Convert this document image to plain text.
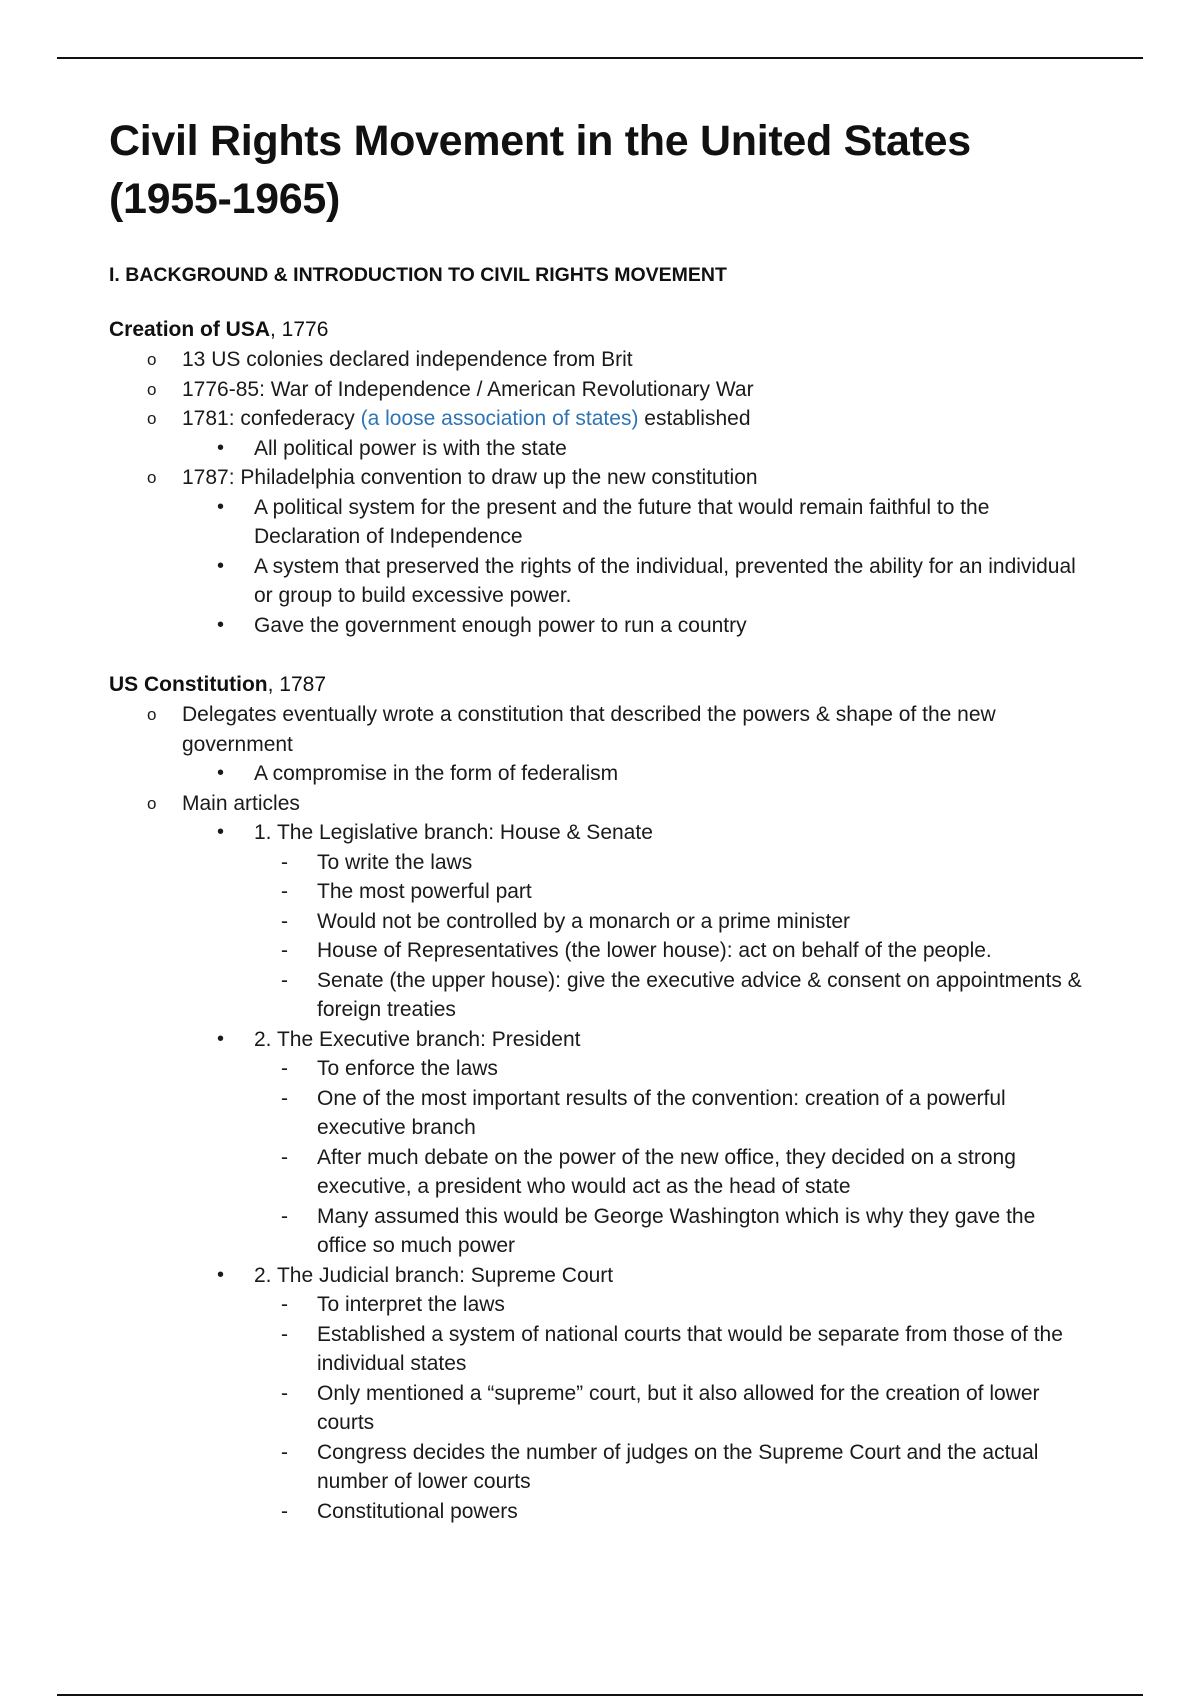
Civil Rights Movement in the United States (1955-1965)
I. BACKGROUND & INTRODUCTION TO CIVIL RIGHTS MOVEMENT
Creation of USA, 1776
o 13 US colonies declared independence from Brit
o 1776-85: War of Independence / American Revolutionary War
o 1781: confederacy (a loose association of states) established
• All political power is with the state
o 1787: Philadelphia convention to draw up the new constitution
• A political system for the present and the future that would remain faithful to the Declaration of Independence
• A system that preserved the rights of the individual, prevented the ability for an individual or group to build excessive power.
• Gave the government enough power to run a country
US Constitution, 1787
o Delegates eventually wrote a constitution that described the powers & shape of the new government
• A compromise in the form of federalism
o Main articles
• 1. The Legislative branch: House & Senate
- To write the laws
- The most powerful part
- Would not be controlled by a monarch or a prime minister
- House of Representatives (the lower house): act on behalf of the people.
- Senate (the upper house): give the executive advice & consent on appointments & foreign treaties
• 2. The Executive branch: President
- To enforce the laws
- One of the most important results of the convention: creation of a powerful executive branch
- After much debate on the power of the new office, they decided on a strong executive, a president who would act as the head of state
- Many assumed this would be George Washington which is why they gave the office so much power
• 2. The Judicial branch: Supreme Court
- To interpret the laws
- Established a system of national courts that would be separate from those of the individual states
- Only mentioned a “supreme” court, but it also allowed for the creation of lower courts
- Congress decides the number of judges on the Supreme Court and the actual number of lower courts
- Constitutional powers
